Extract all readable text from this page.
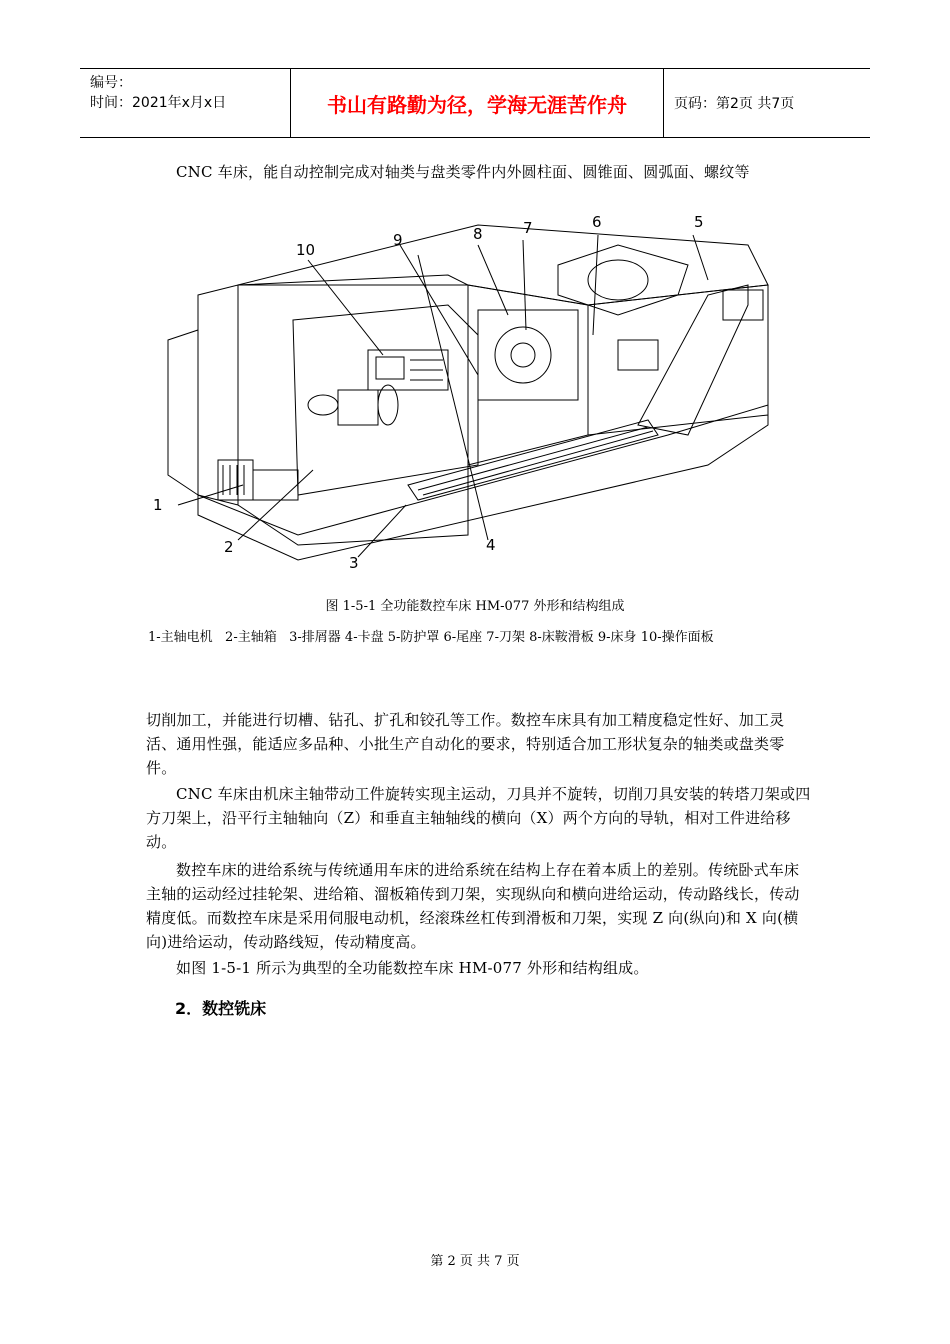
编号：
时间：2021年x月x日	书山有路勤为径，学海无涯苦作舟	页码：第2页 共7页
CNC 车床，能自动控制完成对轴类与盘类零件内外圆柱面、圆锥面、圆弧面、螺纹等
1
2
3
4
5
6
7
8
9
10
图 1-5-1 全功能数控车床 HM-077 外形和结构组成
1-主轴电机   2-主轴箱   3-排屑器 4-卡盘 5-防护罩 6-尾座 7-刀架 8-床鞍滑板 9-床身 10-操作面板
切削加工，并能进行切槽、钻孔、扩孔和铰孔等工作。数控车床具有加工精度稳定性好、加工灵活、通用性强，能适应多品种、小批生产自动化的要求，特别适合加工形状复杂的轴类或盘类零件。
CNC 车床由机床主轴带动工件旋转实现主运动，刀具并不旋转，切削刀具安装的转塔刀架或四方刀架上，沿平行主轴轴向（Z）和垂直主轴轴线的横向（X）两个方向的导轨，相对工件进给移动。
数控车床的进给系统与传统通用车床的进给系统在结构上存在着本质上的差别。传统卧式车床主轴的运动经过挂轮架、进给箱、溜板箱传到刀架，实现纵向和横向进给运动，传动路线长，传动精度低。而数控车床是采用伺服电动机，经滚珠丝杠传到滑板和刀架，实现 Z 向(纵向)和 X 向(横向)进给运动，传动路线短，传动精度高。
如图 1-5-1 所示为典型的全功能数控车床 HM-077 外形和结构组成。
2．数控铣床
第 2 页 共 7 页
